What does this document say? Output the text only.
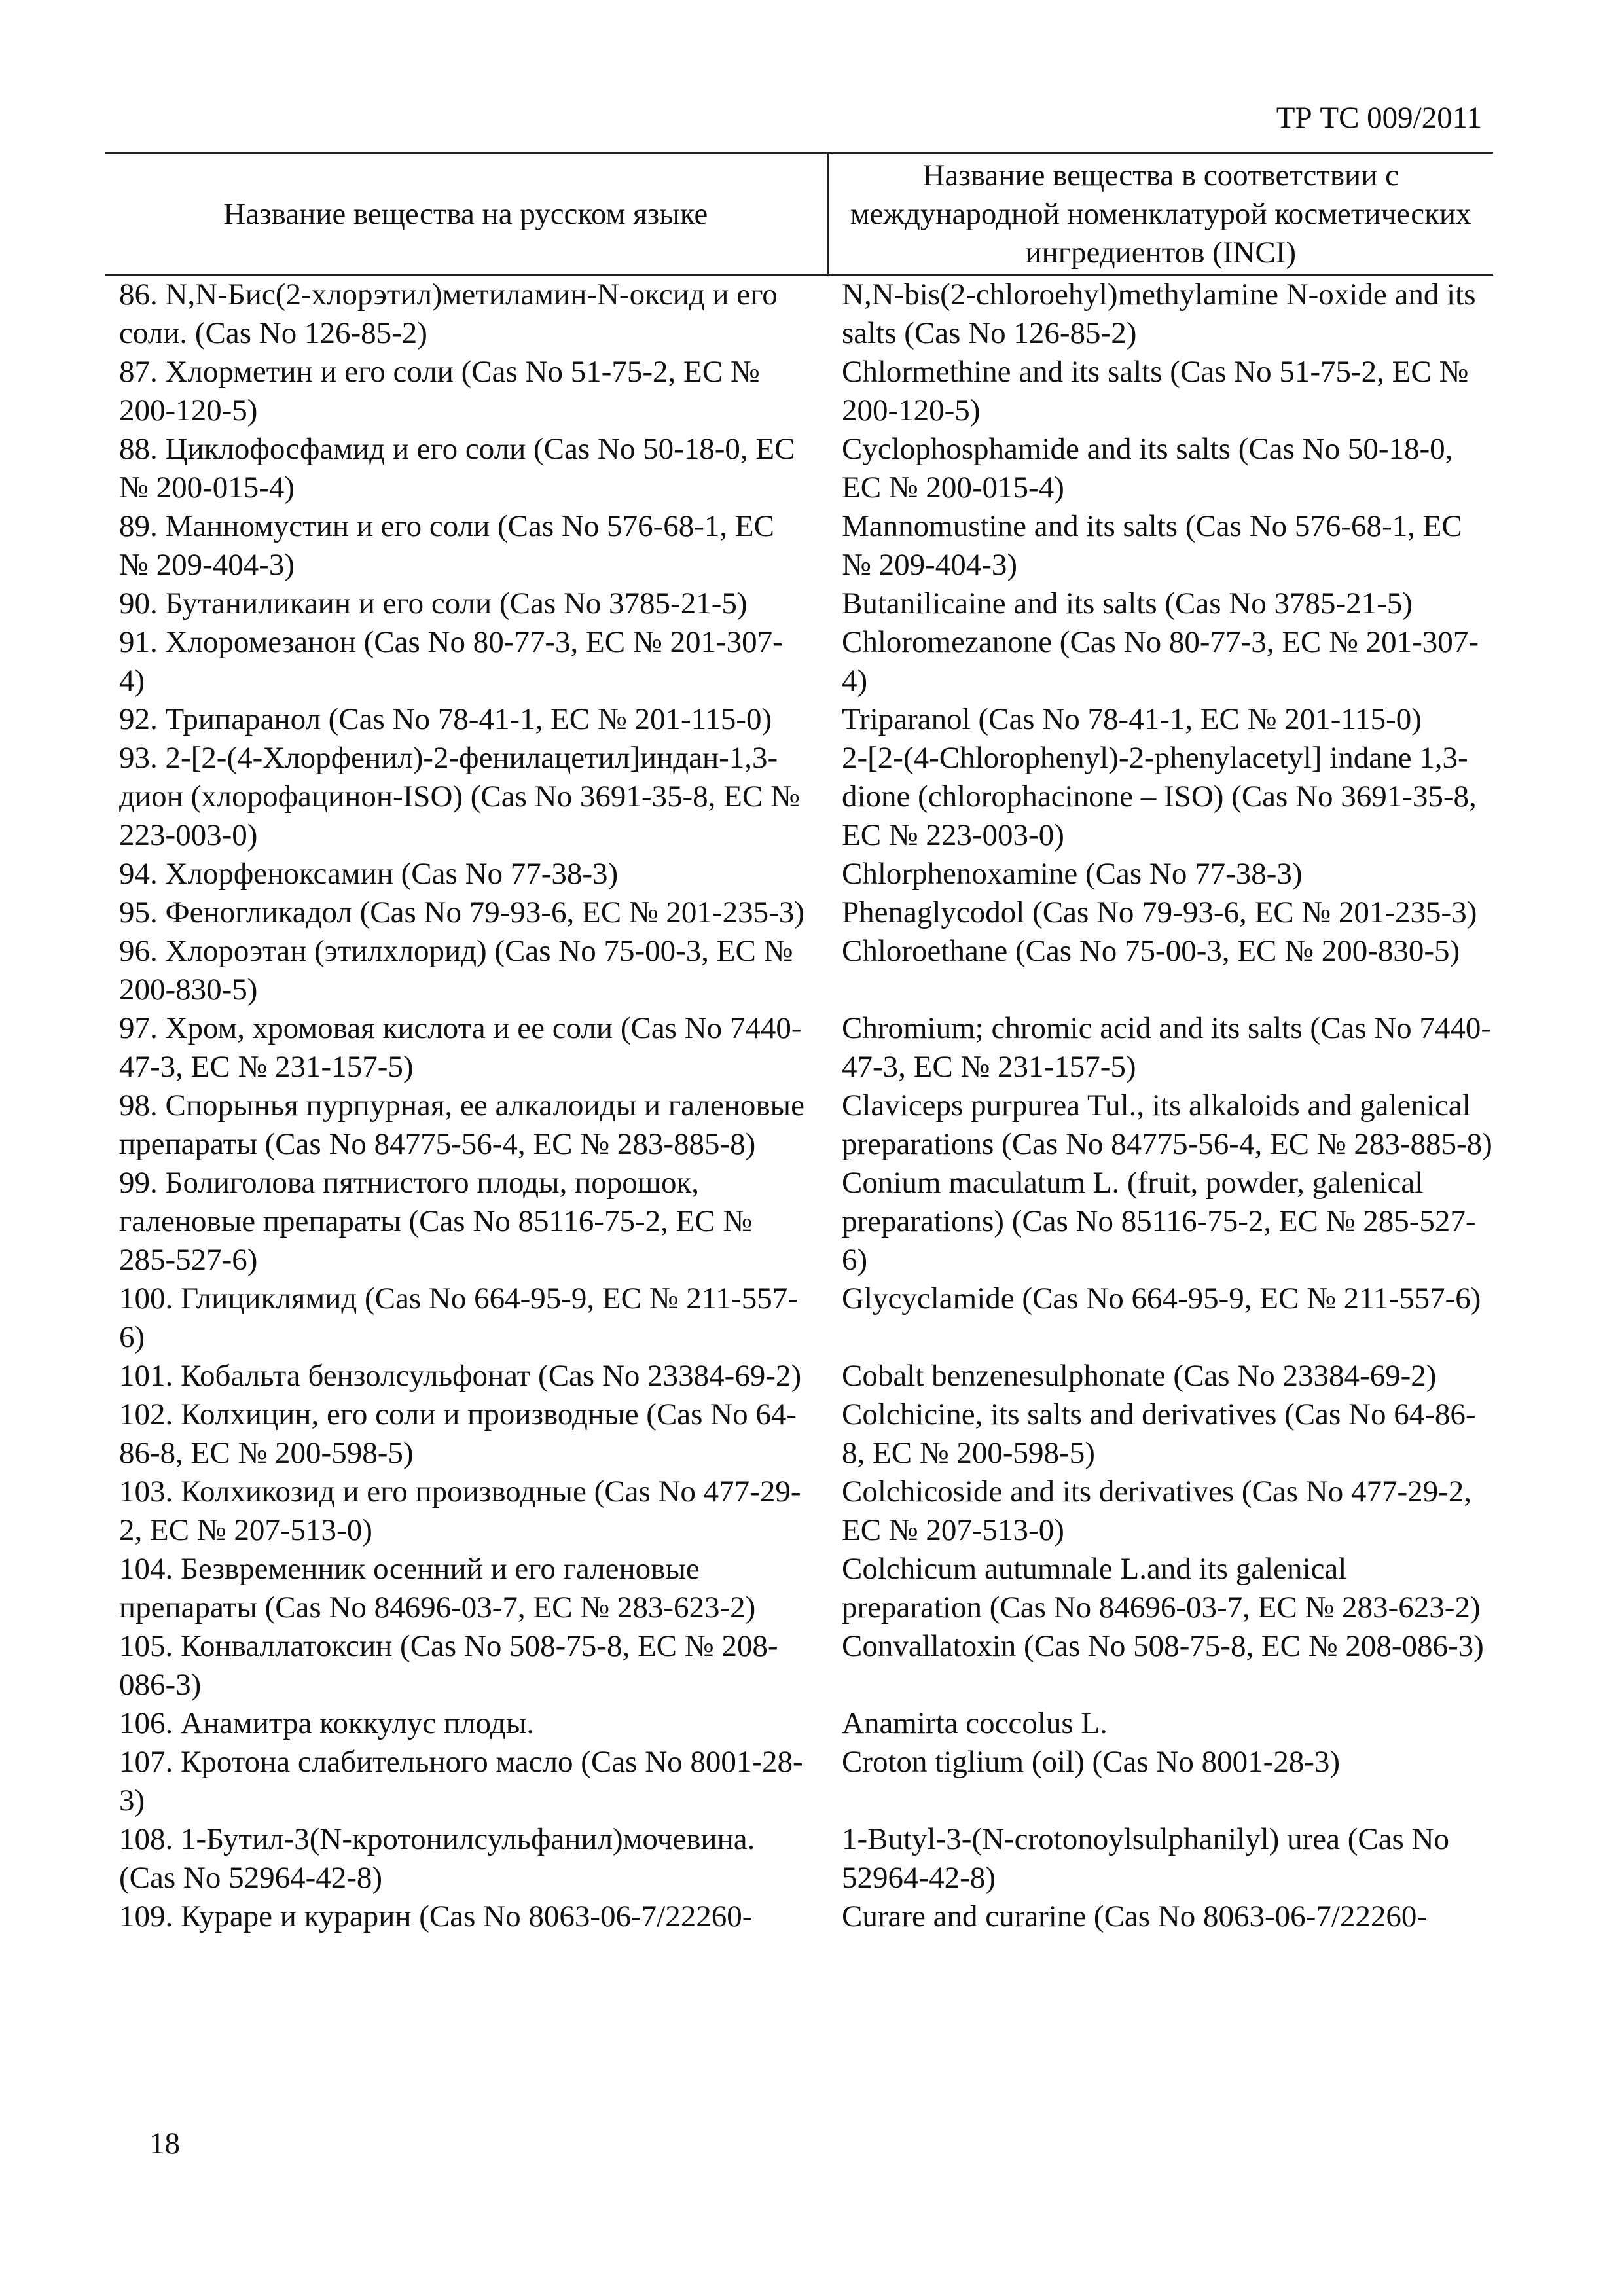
ТР ТС 009/2011
Название вещества на русском языке	Название вещества в соответствии с международной номенклатурой косметических ингредиентов (INCI)
86. N,N-Бис(2-хлорэтил)метиламин-N-оксид и его соли. (Cas No 126-85-2)	N,N-bis(2-chloroehyl)methylamine N-oxide and its salts (Cas No 126-85-2)
87. Хлорметин и его соли (Cas No 51-75-2, EC № 200-120-5)	Chlormethine and its salts (Cas No 51-75-2, EC № 200-120-5)
88. Циклофосфамид и его соли (Cas No 50-18-0, EC № 200-015-4)	Cyclophosphamide and its salts (Cas No 50-18-0, EC № 200-015-4)
89. Манномустин и его соли (Cas No 576-68-1, EC № 209-404-3)	Mannomustine and its salts (Cas No 576-68-1, EC № 209-404-3)
90. Бутаниликаин и его соли (Cas No 3785-21-5)	Butanilicaine and its salts (Cas No 3785-21-5)
91. Хлоромезанон (Cas No 80-77-3, EC № 201-307-4)	Chloromezanone (Cas No 80-77-3, EC № 201-307-4)
92. Трипаранол (Cas No 78-41-1, EC № 201-115-0)	Triparanol (Cas No 78-41-1, EC № 201-115-0)
93. 2-[2-(4-Хлорфенил)-2-фенилацетил]индан-1,3-дион (хлорофацинон-ISO) (Cas No 3691-35-8, EC № 223-003-0)	2-[2-(4-Chlorophenyl)-2-phenylacetyl] indane 1,3-dione (chlorophacinone – ISO) (Cas No 3691-35-8, EC № 223-003-0)
94. Хлорфеноксамин (Cas No 77-38-3)	Chlorphenoxamine (Cas No 77-38-3)
95. Феногликадол (Cas No 79-93-6, EC № 201-235-3)	Phenaglycodol (Cas No 79-93-6, EC № 201-235-3)
96. Хлороэтан (этилхлорид) (Cas No 75-00-3, EC № 200-830-5)	Chloroethane (Cas No 75-00-3, EC № 200-830-5)
97. Хром, хромовая кислота и ее соли (Cas No 7440-47-3, EC № 231-157-5)	Chromium; chromic acid and its salts (Cas No 7440-47-3, EC № 231-157-5)
98. Спорынья пурпурная, ее алкалоиды и галеновые препараты (Cas No 84775-56-4, EC № 283-885-8)	Claviceps purpurea Tul., its alkaloids and galenical preparations (Cas No 84775-56-4, EC № 283-885-8)
99. Болиголова пятнистого плоды, порошок, галеновые препараты (Cas No 85116-75-2, EC № 285-527-6)	Conium maculatum L. (fruit, powder, galenical preparations) (Cas No 85116-75-2, EC № 285-527-6)
100. Глициклямид (Cas No 664-95-9, EC № 211-557-6)	Glycyclamide (Cas No 664-95-9, EC № 211-557-6)
101. Кобальта бензолсульфонат (Cas No 23384-69-2)	Cobalt benzenesulphonate (Cas No 23384-69-2)
102. Колхицин, его соли и производные (Cas No 64-86-8, EC № 200-598-5)	Colchicine, its salts and derivatives (Cas No 64-86-8, EC № 200-598-5)
103. Колхикозид и его производные (Cas No 477-29-2, EC № 207-513-0)	Colchicoside and its derivatives (Cas No 477-29-2, EC № 207-513-0)
104. Безвременник осенний и его галеновые препараты (Cas No 84696-03-7, EC № 283-623-2)	Colchicum autumnale L.and its galenical preparation (Cas No 84696-03-7, EC № 283-623-2)
105. Конваллатоксин (Cas No 508-75-8, EC № 208-086-3)	Convallatoxin (Cas No 508-75-8, EC № 208-086-3)
106. Анамитра коккулус плоды.	Anamirta coccolus L.
107. Кротона слабительного масло (Cas No 8001-28-3)	Croton tiglium (oil) (Cas No 8001-28-3)
108. 1-Бутил-3(N-кротонилсульфанил)мочевина. (Cas No 52964-42-8)	1-Butyl-3-(N-crotonoylsulphanilyl) urea (Cas No 52964-42-8)
109. Кураре и курарин (Cas No 8063-06-7/22260-	Curare and curarine (Cas No 8063-06-7/22260-
18
